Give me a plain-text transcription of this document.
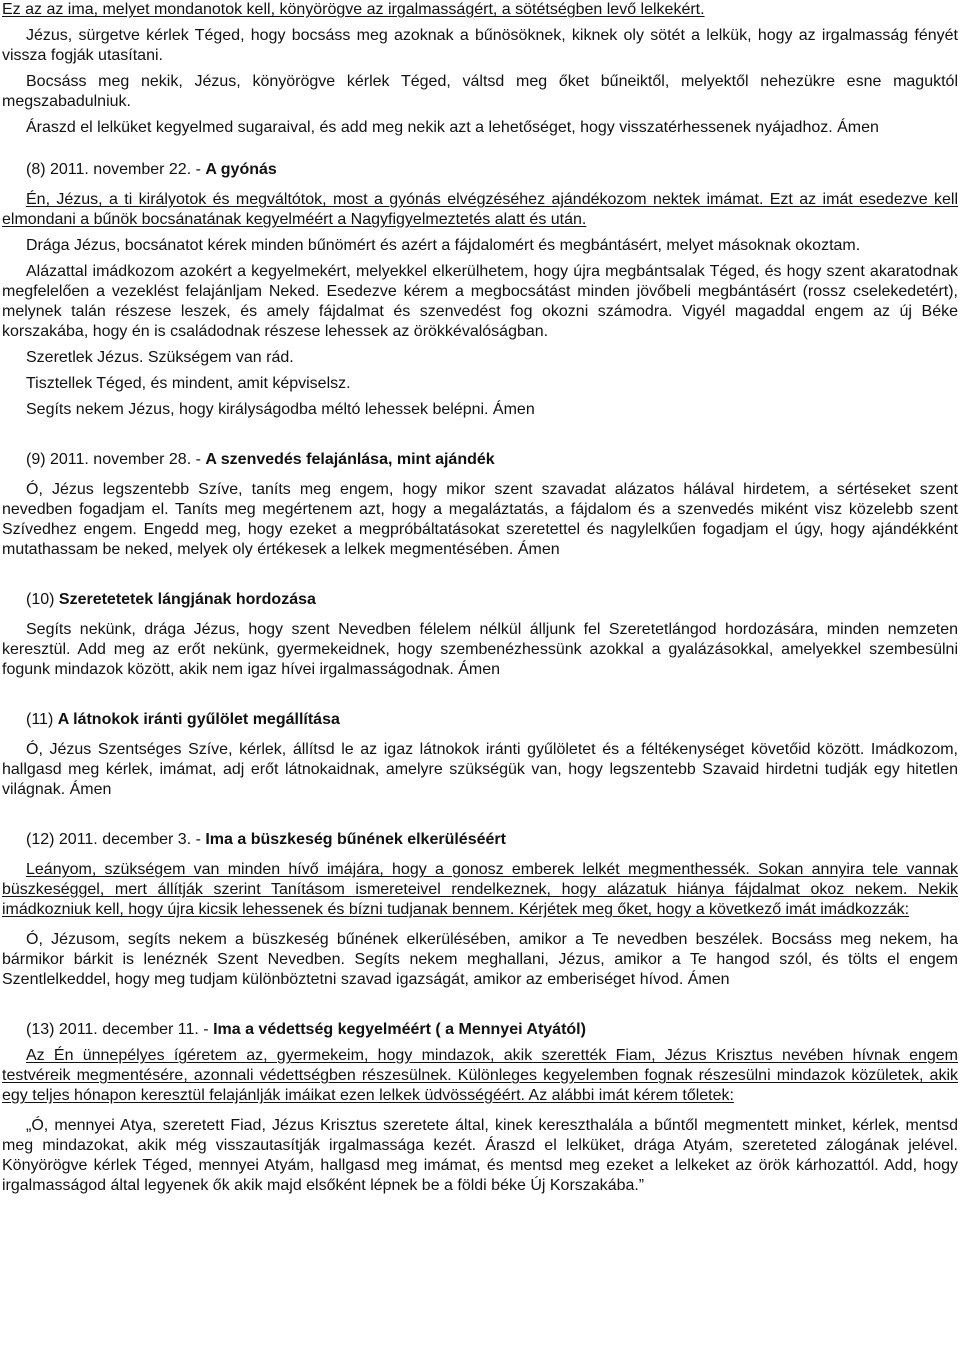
Ez az az ima, melyet mondanotok kell, könyörögve az irgalmasságért, a sötétségben levő lelkekért.

Jézus, sürgetve kérlek Téged, hogy bocsáss meg azoknak a bűnösöknek, kiknek oly sötét a lelkük, hogy az irgalmasság fényét vissza fogják utasítani.

Bocsáss meg nekik, Jézus, könyörögve kérlek Téged, váltsd meg őket bűneiktől, melyektől nehezükre esne maguktól megszabadulniuk.

Áraszd el lelküket kegyelmed sugaraival, és add meg nekik azt a lehetőséget, hogy visszatérhessenek nyájadhoz. Ámen

(8) 2011. november 22. - A gyónás

Én, Jézus, a ti királyotok és megváltótok, most a gyónás elvégzéséhez ajándékozom nektek imámat. Ezt az imát esedezve kell elmondani a bűnök bocsánatának kegyelméért a Nagyfigyelmeztetés alatt és után.

Drága Jézus, bocsánatot kérek minden bűnömért és azért a fájdalomért és megbántásért, melyet másoknak okoztam.

Alázattal imádkozom azokért a kegyelmekért, melyekkel elkerülhetem, hogy újra megbántsalak Téged, és hogy szent akaratodnak megfelelően a vezeklést felajánljam Neked. Esedezve kérem a megbocsátást minden jövőbeli megbántásért (rossz cselekedetért), melynek talán részese leszek, és amely fájdalmat és szenvedést fog okozni számodra. Vigyél magaddal engem az új Béke korszakába, hogy én is családodnak részese lehessek az örökkévalóságban.

Szeretlek Jézus. Szükségem van rád.

Tisztellek Téged, és mindent, amit képviselsz.

Segíts nekem Jézus, hogy királyságodba méltó lehessek belépni. Ámen

(9) 2011. november 28. - A szenvedés felajánlása, mint ajándék

Ó, Jézus legszentebb Szíve, taníts meg engem, hogy mikor szent szavadat alázatos hálával hirdetem, a sértéseket szent nevedben fogadjam el. Taníts meg megértenem azt, hogy a megaláztatás, a fájdalom és a szenvedés miként visz közelebb szent Szívedhez engem. Engedd meg, hogy ezeket a megpróbáltatásokat szeretettel és nagylelkűen fogadjam el úgy, hogy ajándékként mutathassam be neked, melyek oly értékesek a lelkek megmentésében. Ámen

(10) Szeretetetek lángjának hordozása

Segíts nekünk, drága Jézus, hogy szent Nevedben félelem nélkül álljunk fel Szeretetlángod hordozására, minden nemzeten keresztül. Add meg az erőt nekünk, gyermekeidnek, hogy szembenézhessünk azokkal a gyalázásokkal, amelyekkel szembesülni fogunk mindazok között, akik nem igaz hívei irgalmasságodnak. Ámen

(11) A látnokok iránti gyűlölet megállítása

Ó, Jézus Szentséges Szíve, kérlek, állítsd le az igaz látnokok iránti gyűlöletet és a féltékenységet követőid között. Imádkozom, hallgasd meg kérlek, imámat, adj erőt látnokaidnak, amelyre szükségük van, hogy legszentebb Szavaid hirdetni tudják egy hitetlen világnak. Ámen

(12) 2011. december 3. - Ima a büszkeség bűnének elkerüléséért

Leányom, szükségem van minden hívő imájára, hogy a gonosz emberek lelkét megmenthessék. Sokan annyira tele vannak büszkeséggel, mert állítják szerint Tanításom ismereteivel rendelkeznek, hogy alázatuk hiánya fájdalmat okoz nekem. Nekik imádkozniuk kell, hogy újra kicsik lehessenek és bízni tudjanak bennem. Kérjétek meg őket, hogy a következő imát imádkozzák:

Ó, Jézusom, segíts nekem a büszkeség bűnének elkerülésében, amikor a Te nevedben beszélek. Bocsáss meg nekem, ha bármikor bárkit is lenéznék Szent Nevedben. Segíts nekem meghallani, Jézus, amikor a Te hangod szól, és tölts el engem Szentlelkeddel, hogy meg tudjam különböztetni szavad igazságát, amikor az emberiséget hívod. Ámen

(13) 2011. december 11. - Ima a védettség kegyelméért ( a Mennyei Atyától)

Az Én ünnepélyes ígéretem az, gyermekeim, hogy mindazok, akik szerették Fiam, Jézus Krisztus nevében hívnak engem testvéreik megmentésére, azonnali védettségben részesülnek. Különleges kegyelemben fognak részesülni mindazok közületek, akik egy teljes hónapon keresztül felajánlják imáikat ezen lelkek üdvösségéért. Az alábbi imát kérem tőletek:

„Ó, mennyei Atya, szeretett Fiad, Jézus Krisztus szeretete által, kinek kereszthalála a bűntől megmentett minket, kérlek, mentsd meg mindazokat, akik még visszautasítják irgalmassága kezét. Áraszd el lelküket, drága Atyám, szereteted zálogának jelével. Könyörögve kérlek Téged, mennyei Atyám, hallgasd meg imámat, és mentsd meg ezeket a lelkeket az örök kárhozattól. Add, hogy irgalmasságod által legyenek ők akik majd elsőként lépnek be a földi béke Új Korszakába.”
